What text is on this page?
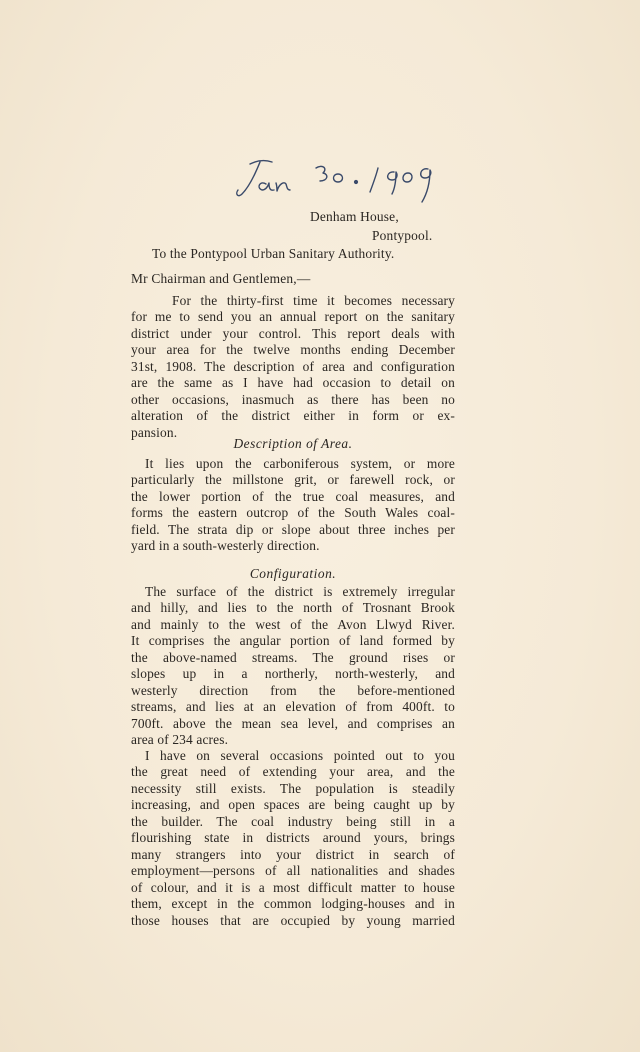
Denham House,
Pontypool.
To the Pontypool Urban Sanitary Authority.
Mr Chairman and Gentlemen,—

For the thirty-first time it becomes necessary
for me to send you an annual report on the sanitary
district under your control. This report deals with
your area for the twelve months ending December
31st, 1908. The description of area and configuration
are the same as I have had occasion to detail on
other occasions, inasmuch as there has been no
alteration of the district either in form or ex-
pansion.

Description of Area.

It lies upon the carboniferous system, or more
particularly the millstone grit, or farewell rock, or
the lower portion of the true coal measures, and
forms the eastern outcrop of the South Wales coal-
field. The strata dip or slope about three inches per
yard in a south-westerly direction.

Configuration.

The surface of the district is extremely irregular
and hilly, and lies to the north of Trosnant Brook
and mainly to the west of the Avon Llwyd River.
It comprises the angular portion of land formed by
the above-named streams. The ground rises or
slopes up in a northerly, north-westerly, and
westerly direction from the before-mentioned
streams, and lies at an elevation of from 400ft. to
700ft. above the mean sea level, and comprises an
area of 234 acres.

I have on several occasions pointed out to you
the great need of extending your area, and the
necessity still exists. The population is steadily
increasing, and open spaces are being caught up by
the builder. The coal industry being still in a
flourishing state in districts around yours, brings
many strangers into your district in search of
employment—persons of all nationalities and shades
of colour, and it is a most difficult matter to house
them, except in the common lodging-houses and in
those houses that are occupied by young married
